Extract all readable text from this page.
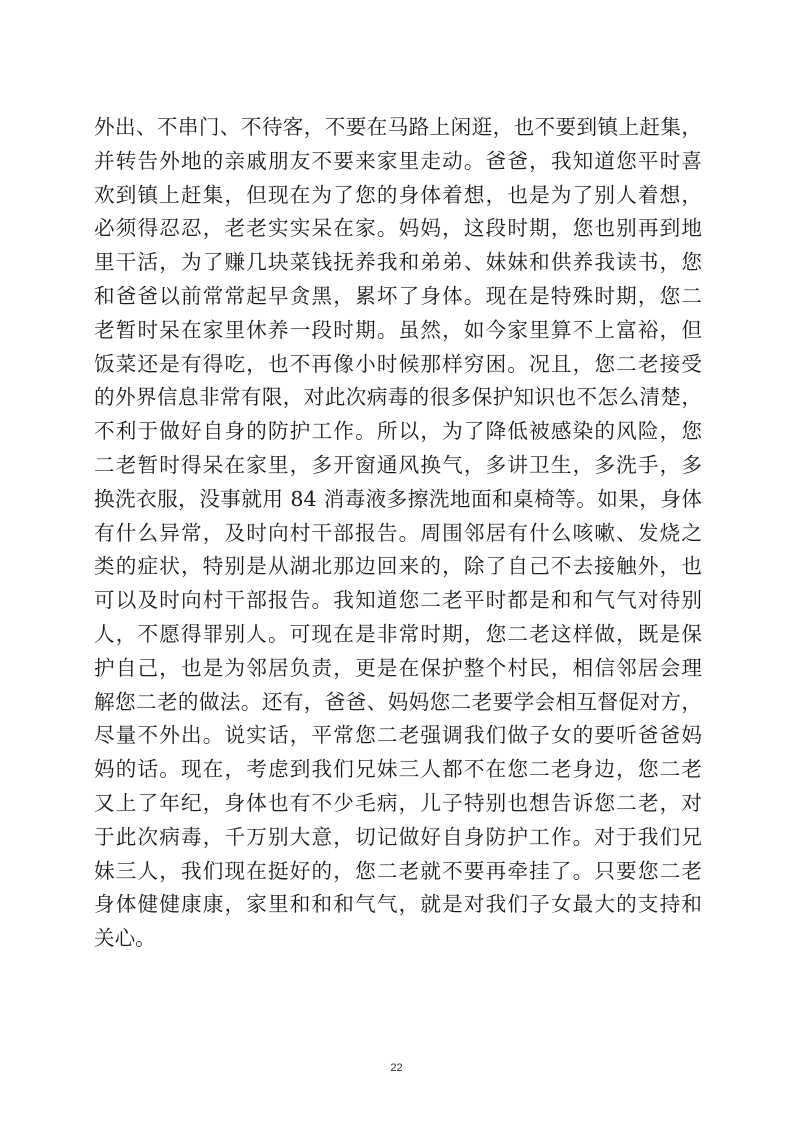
外出、不串门、不待客，不要在马路上闲逛，也不要到镇上赶集，
并转告外地的亲戚朋友不要来家里走动。爸爸，我知道您平时喜
欢到镇上赶集，但现在为了您的身体着想，也是为了别人着想，
必须得忍忍，老老实实呆在家。妈妈，这段时期，您也别再到地
里干活，为了赚几块菜钱抚养我和弟弟、妹妹和供养我读书，您
和爸爸以前常常起早贪黑，累坏了身体。现在是特殊时期，您二
老暂时呆在家里休养一段时期。虽然，如今家里算不上富裕，但
饭菜还是有得吃，也不再像小时候那样穷困。况且，您二老接受
的外界信息非常有限，对此次病毒的很多保护知识也不怎么清楚，
不利于做好自身的防护工作。所以，为了降低被感染的风险，您
二老暂时得呆在家里，多开窗通风换气，多讲卫生，多洗手，多
换洗衣服，没事就用 84 消毒液多擦洗地面和桌椅等。如果，身体
有什么异常，及时向村干部报告。周围邻居有什么咳嗽、发烧之
类的症状，特别是从湖北那边回来的，除了自己不去接触外，也
可以及时向村干部报告。我知道您二老平时都是和和气气对待别
人，不愿得罪别人。可现在是非常时期，您二老这样做，既是保
护自己，也是为邻居负责，更是在保护整个村民，相信邻居会理
解您二老的做法。还有，爸爸、妈妈您二老要学会相互督促对方，
尽量不外出。说实话，平常您二老强调我们做子女的要听爸爸妈
妈的话。现在，考虑到我们兄妹三人都不在您二老身边，您二老
又上了年纪，身体也有不少毛病，儿子特别也想告诉您二老，对
于此次病毒，千万别大意，切记做好自身防护工作。对于我们兄
妹三人，我们现在挺好的，您二老就不要再牵挂了。只要您二老
身体健健康康，家里和和和气气，就是对我们子女最大的支持和
关心。
22
